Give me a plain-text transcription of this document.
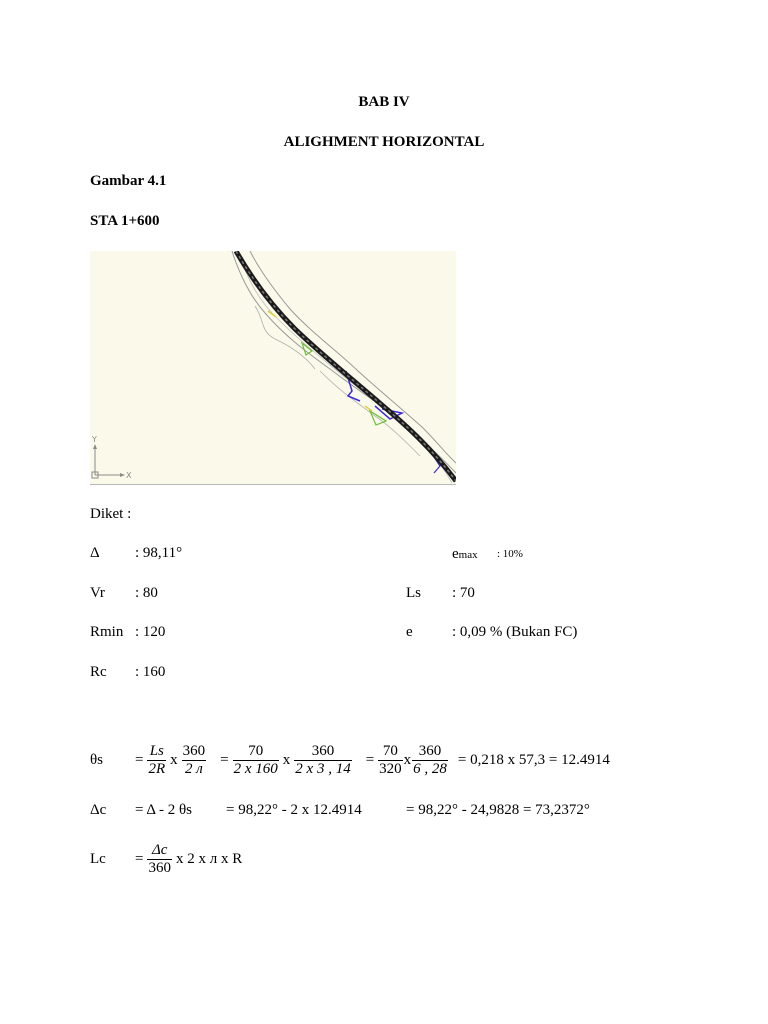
BAB IV
ALIGHMENT HORIZONTAL
Gambar 4.1
STA 1+600
Y
X
Diket :
Δ : 98,11°	emax : 10%
Vr : 80	Ls : 70
Rmin : 120	e	: 0,09 % (Bukan FC)
Rc : 160
$\theta s = \frac{Ls}{2R}$ x $\frac{360}{2 л} = \frac{70}{2 x 160}$ x $\frac{360}{2 x 3 , 14} = \frac{70}{320}$ x $\frac{360}{6 , 28} = 0,218$ x 57,3 = 12.4914
Δc = Δ - 2 θs = 98,22° - 2 x 12.4914	= 98,22° - 24,9828 = 73,2372°
$Lc = \frac{\Delta c}{360}$ x 2 x л x R
